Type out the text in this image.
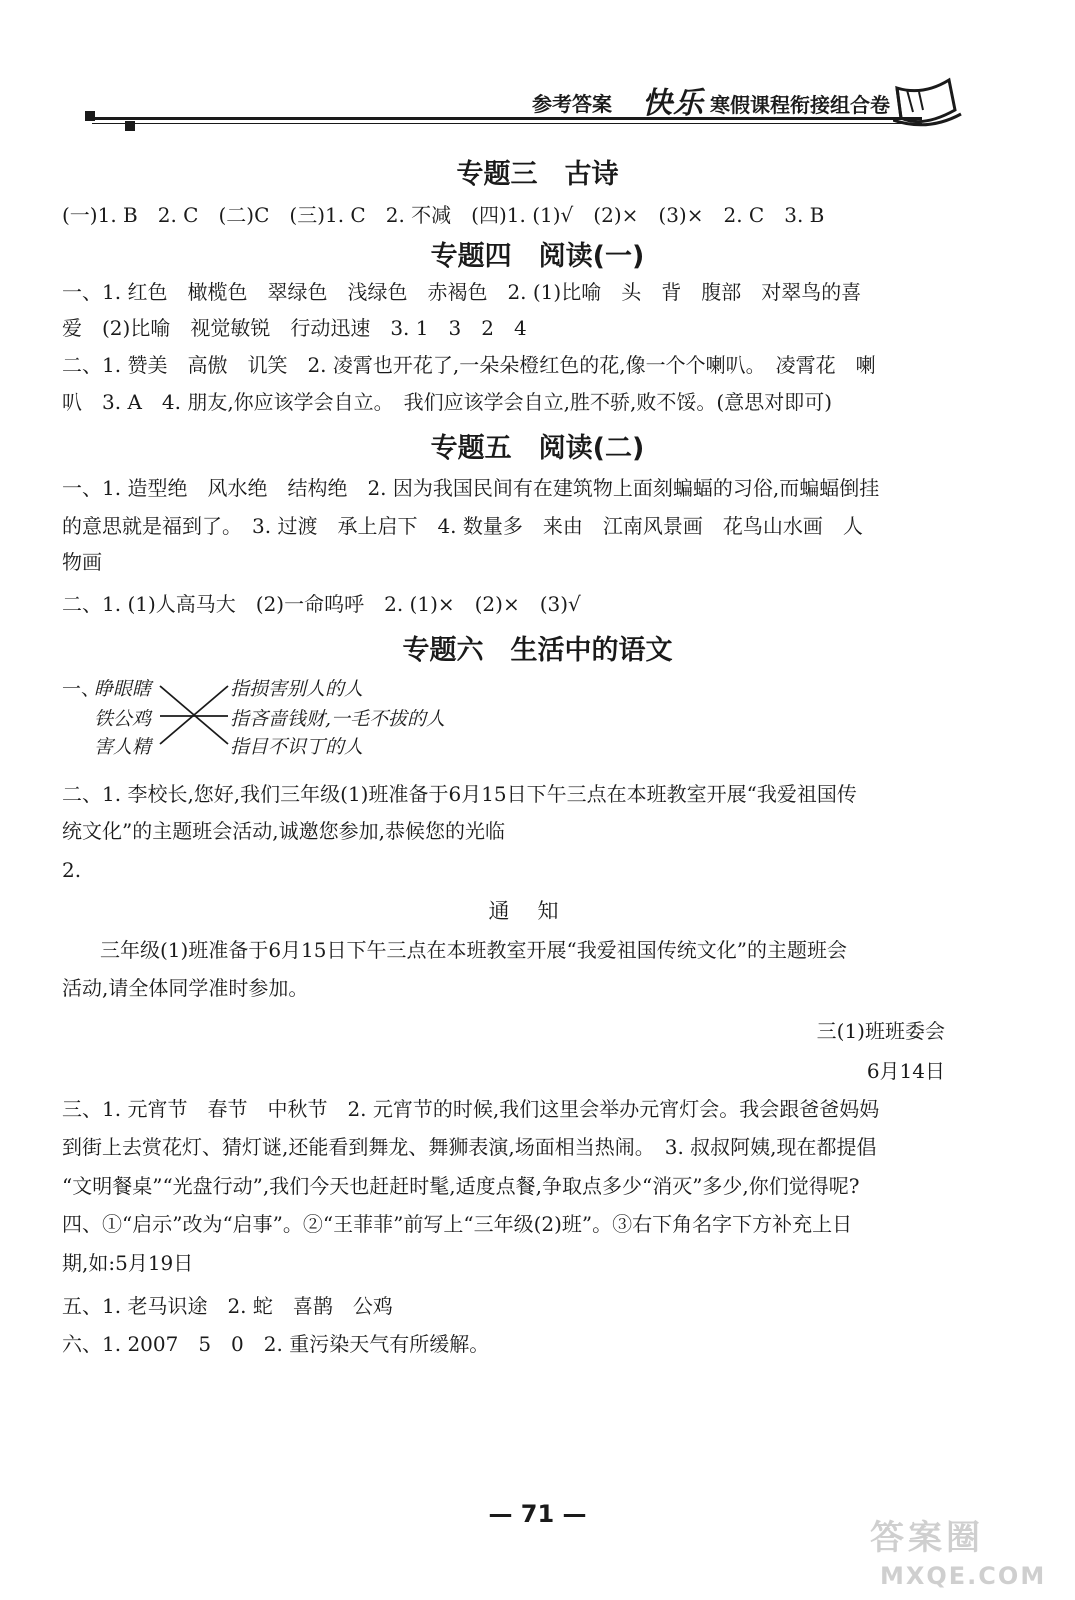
参考答案 快乐 寒假课程衔接组合卷
专题三　古诗
(一)1. B　2. C　(二)C　(三)1. C　2. 不减　(四)1. (1)√　(2)×　(3)×　2. C　3. B
专题四　阅读(一)
一、1. 红色　橄榄色　翠绿色　浅绿色　赤褐色　2. (1)比喻　头　背　腹部　对翠鸟的喜
爱　(2)比喻　视觉敏锐　行动迅速　3. 1　3　2　4
二、1. 赞美　高傲　讥笑　2. 凌霄也开花了,一朵朵橙红色的花,像一个个喇叭。　凌霄花　喇
叭　3. A　4. 朋友,你应该学会自立。　我们应该学会自立,胜不骄,败不馁。(意思对即可)
专题五　阅读(二)
一、1. 造型绝　风水绝　结构绝　2. 因为我国民间有在建筑物上面刻蝙蝠的习俗,而蝙蝠倒挂
的意思就是福到了。　3. 过渡　承上启下　4. 数量多　来由　江南风景画　花鸟山水画　人
物画
二、1. (1)人高马大　(2)一命呜呼　2. (1)×　(2)×　(3)√
专题六　生活中的语文
一、
睁眼瞎
铁公鸡
害人精
指损害别人的人
指吝啬钱财,一毛不拔的人
指目不识丁的人
二、1. 李校长,您好,我们三年级(1)班准备于6月15日下午三点在本班教室开展“我爱祖国传
统文化”的主题班会活动,诚邀您参加,恭候您的光临
2.
通知
三年级(1)班准备于6月15日下午三点在本班教室开展“我爱祖国传统文化”的主题班会
活动,请全体同学准时参加。
三(1)班班委会
6月14日
三、1. 元宵节　春节　中秋节　2. 元宵节的时候,我们这里会举办元宵灯会。我会跟爸爸妈妈
到街上去赏花灯、猜灯谜,还能看到舞龙、舞狮表演,场面相当热闹。　3. 叔叔阿姨,现在都提倡
“文明餐桌”“光盘行动”,我们今天也赶赶时髦,适度点餐,争取点多少“消灭”多少,你们觉得呢?
四、①“启示”改为“启事”。②“王菲菲”前写上“三年级(2)班”。③右下角名字下方补充上日
期,如:5月19日
五、1. 老马识途　2. 蛇　喜鹊　公鸡
六、1. 2007　5　0　2. 重污染天气有所缓解。
— 71 —
答案圈
MXQE.COM
